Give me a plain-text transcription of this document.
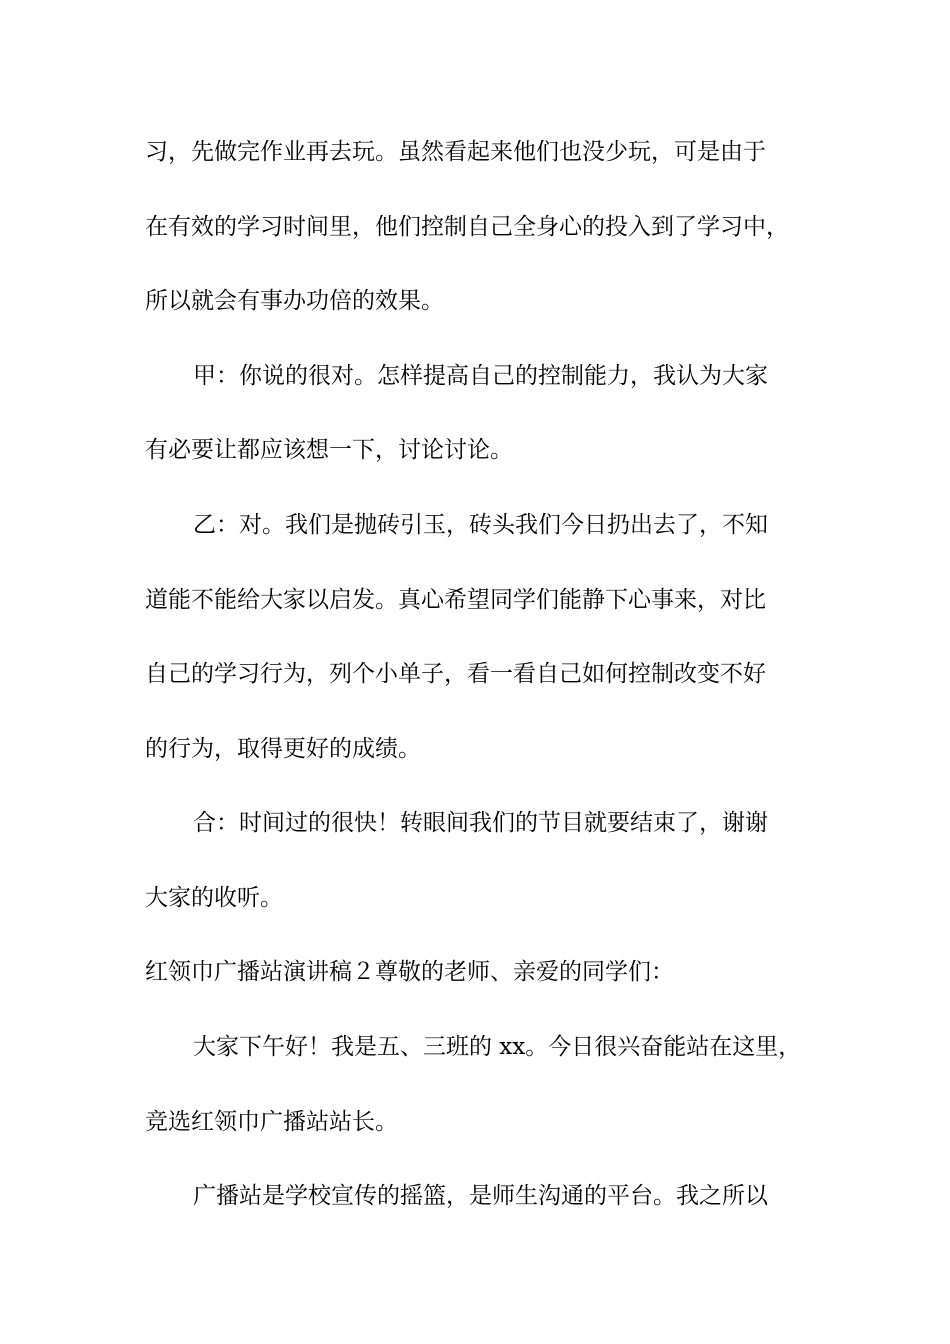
习，先做完作业再去玩。虽然看起来他们也没少玩，可是由于
在有效的学习时间里，他们控制自己全身心的投入到了学习中，
所以就会有事办功倍的效果。
甲：你说的很对。怎样提高自己的控制能力，我认为大家
有必要让都应该想一下，讨论讨论。
乙：对。我们是抛砖引玉，砖头我们今日扔出去了，不知
道能不能给大家以启发。真心希望同学们能静下心事来，对比
自己的学习行为，列个小单子，看一看自己如何控制改变不好
的行为，取得更好的成绩。
合：时间过的很快！转眼间我们的节目就要结束了，谢谢
大家的收听。
红领巾广播站演讲稿２尊敬的老师、亲爱的同学们：
大家下午好！我是五、三班的 xx。今日很兴奋能站在这里，
竞选红领巾广播站站长。
广播站是学校宣传的摇篮，是师生沟通的平台。我之所以
